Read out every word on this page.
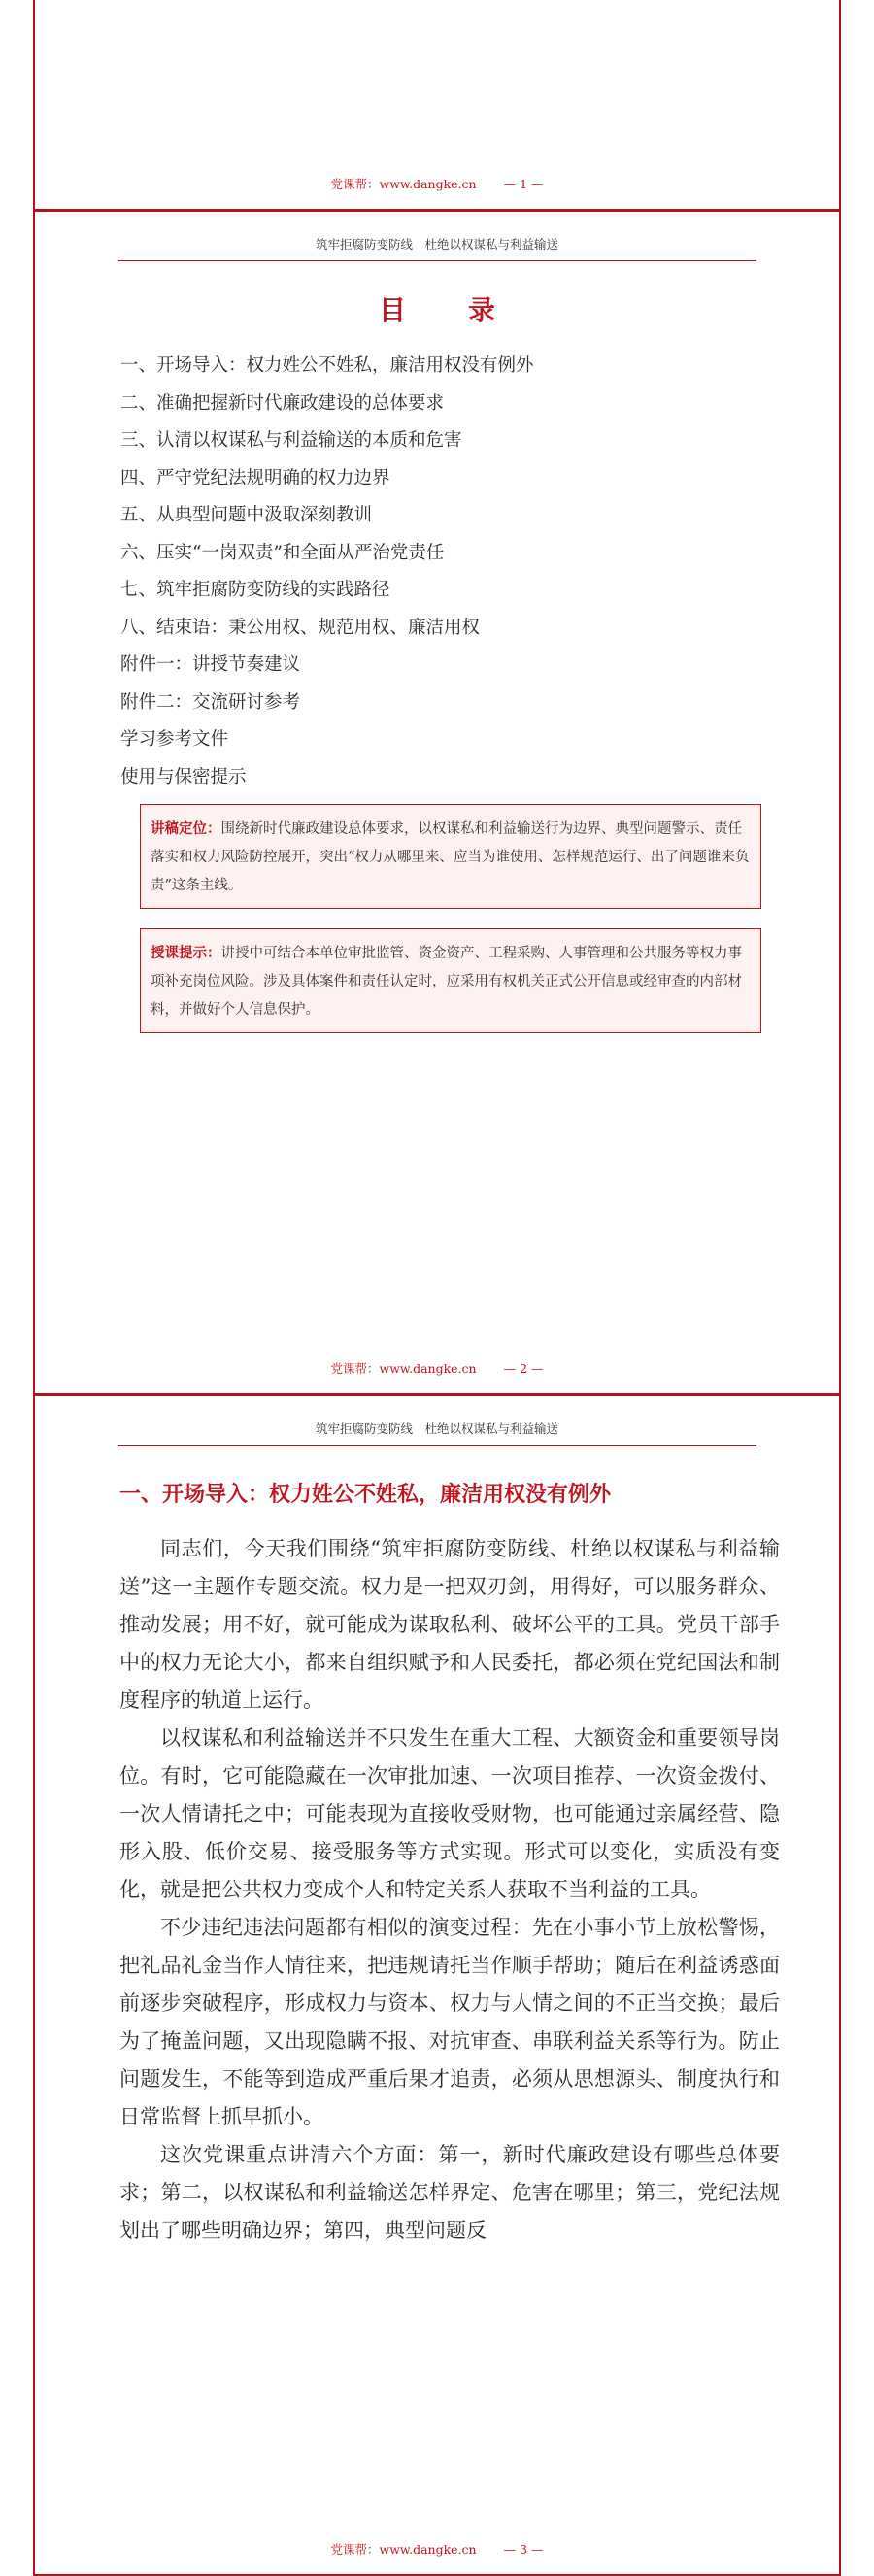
党课帮：www.dangke.cn — 1 —
筑牢拒腐防变防线　杜绝以权谋私与利益输送
目　录
一、开场导入：权力姓公不姓私，廉洁用权没有例外
二、准确把握新时代廉政建设的总体要求
三、认清以权谋私与利益输送的本质和危害
四、严守党纪法规明确的权力边界
五、从典型问题中汲取深刻教训
六、压实“一岗双责”和全面从严治党责任
七、筑牢拒腐防变防线的实践路径
八、结束语：秉公用权、规范用权、廉洁用权
附件一：讲授节奏建议
附件二：交流研讨参考
学习参考文件
使用与保密提示
讲稿定位：围绕新时代廉政建设总体要求，以权谋私和利益输送行为边界、典型问题警示、责任落实和权力风险防控展开，突出“权力从哪里来、应当为谁使用、怎样规范运行、出了问题谁来负责”这条主线。
授课提示：讲授中可结合本单位审批监管、资金资产、工程采购、人事管理和公共服务等权力事项补充岗位风险。涉及具体案件和责任认定时，应采用有权机关正式公开信息或经审查的内部材料，并做好个人信息保护。
党课帮：www.dangke.cn — 2 —
筑牢拒腐防变防线　杜绝以权谋私与利益输送
一、开场导入：权力姓公不姓私，廉洁用权没有例外

同志们，今天我们围绕“筑牢拒腐防变防线、杜绝以权谋私与利益输送”这一主题作专题交流。权力是一把双刃剑，用得好，可以服务群众、推动发展；用不好，就可能成为谋取私利、破坏公平的工具。党员干部手中的权力无论大小，都来自组织赋予和人民委托，都必须在党纪国法和制度程序的轨道上运行。

以权谋私和利益输送并不只发生在重大工程、大额资金和重要领导岗位。有时，它可能隐藏在一次审批加速、一次项目推荐、一次资金拨付、一次人情请托之中；可能表现为直接收受财物，也可能通过亲属经营、隐形入股、低价交易、接受服务等方式实现。形式可以变化，实质没有变化，就是把公共权力变成个人和特定关系人获取不当利益的工具。

不少违纪违法问题都有相似的演变过程：先在小事小节上放松警惕，把礼品礼金当作人情往来，把违规请托当作顺手帮助；随后在利益诱惑面前逐步突破程序，形成权力与资本、权力与人情之间的不正当交换；最后为了掩盖问题，又出现隐瞒不报、对抗审查、串联利益关系等行为。防止问题发生，不能等到造成严重后果才追责，必须从思想源头、制度执行和日常监督上抓早抓小。

这次党课重点讲清六个方面：第一，新时代廉政建设有哪些总体要求；第二，以权谋私和利益输送怎样界定、危害在哪里；第三，党纪法规划出了哪些明确边界；第四，典型问题反

党课帮：www.dangke.cn — 3 —
